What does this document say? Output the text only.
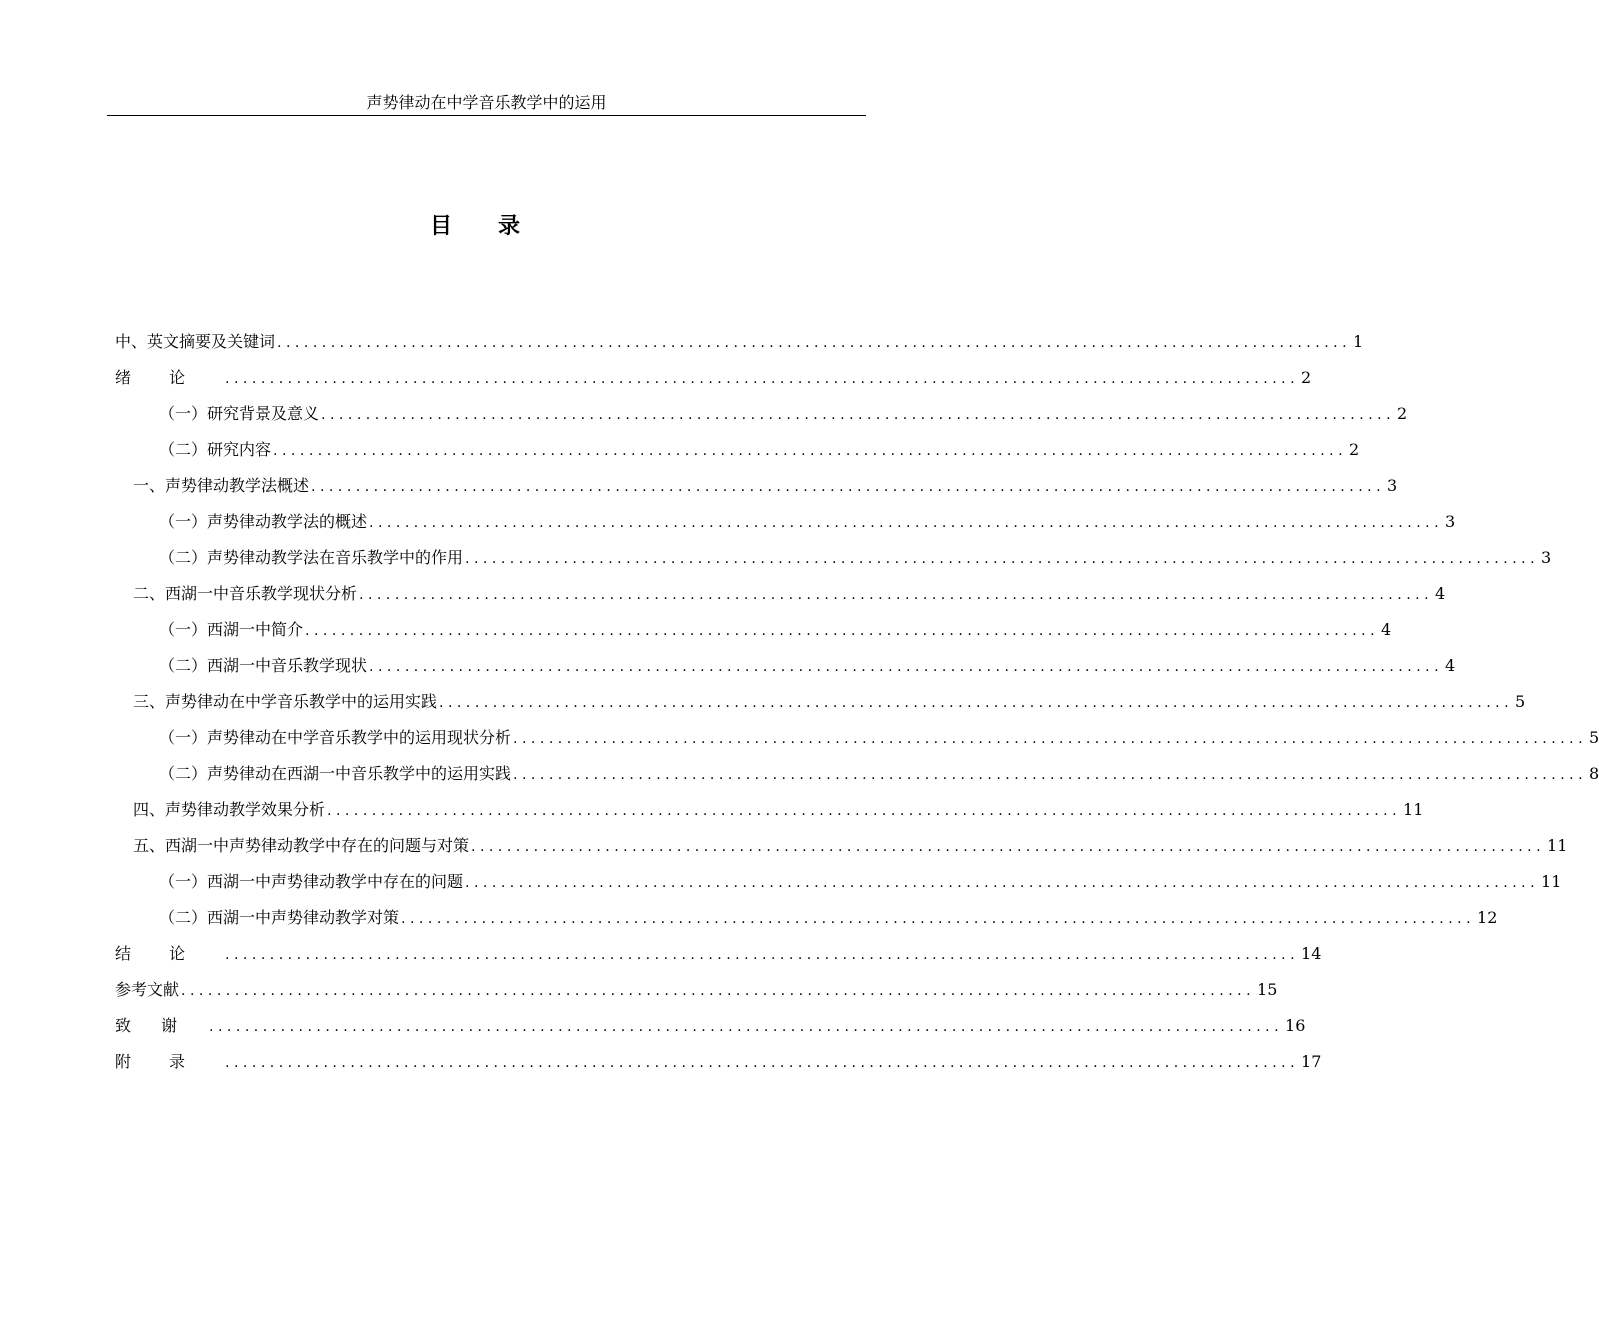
声势律动在中学音乐教学中的运用
目 录
中、英文摘要及关键词 ........................................................................................................................ 1
绪论 ........................................................................................................................ 2
（一）研究背景及意义 ........................................................................................................................ 2
（二）研究内容 ........................................................................................................................ 2
一、声势律动教学法概述 ........................................................................................................................ 3
（一）声势律动教学法的概述 ........................................................................................................................ 3
（二）声势律动教学法在音乐教学中的作用 ........................................................................................................................ 3
二、西湖一中音乐教学现状分析 ........................................................................................................................ 4
（一）西湖一中简介 ........................................................................................................................ 4
（二）西湖一中音乐教学现状 ........................................................................................................................ 4
三、声势律动在中学音乐教学中的运用实践 ........................................................................................................................ 5
（一）声势律动在中学音乐教学中的运用现状分析 ........................................................................................................................ 5
（二）声势律动在西湖一中音乐教学中的运用实践 ........................................................................................................................ 8
四、声势律动教学效果分析 ........................................................................................................................ 11
五、西湖一中声势律动教学中存在的问题与对策 ........................................................................................................................ 11
（一）西湖一中声势律动教学中存在的问题 ........................................................................................................................ 11
（二）西湖一中声势律动教学对策 ........................................................................................................................ 12
结论 ........................................................................................................................ 14
参考文献 ........................................................................................................................ 15
致谢 ........................................................................................................................ 16
附录 ........................................................................................................................ 17
